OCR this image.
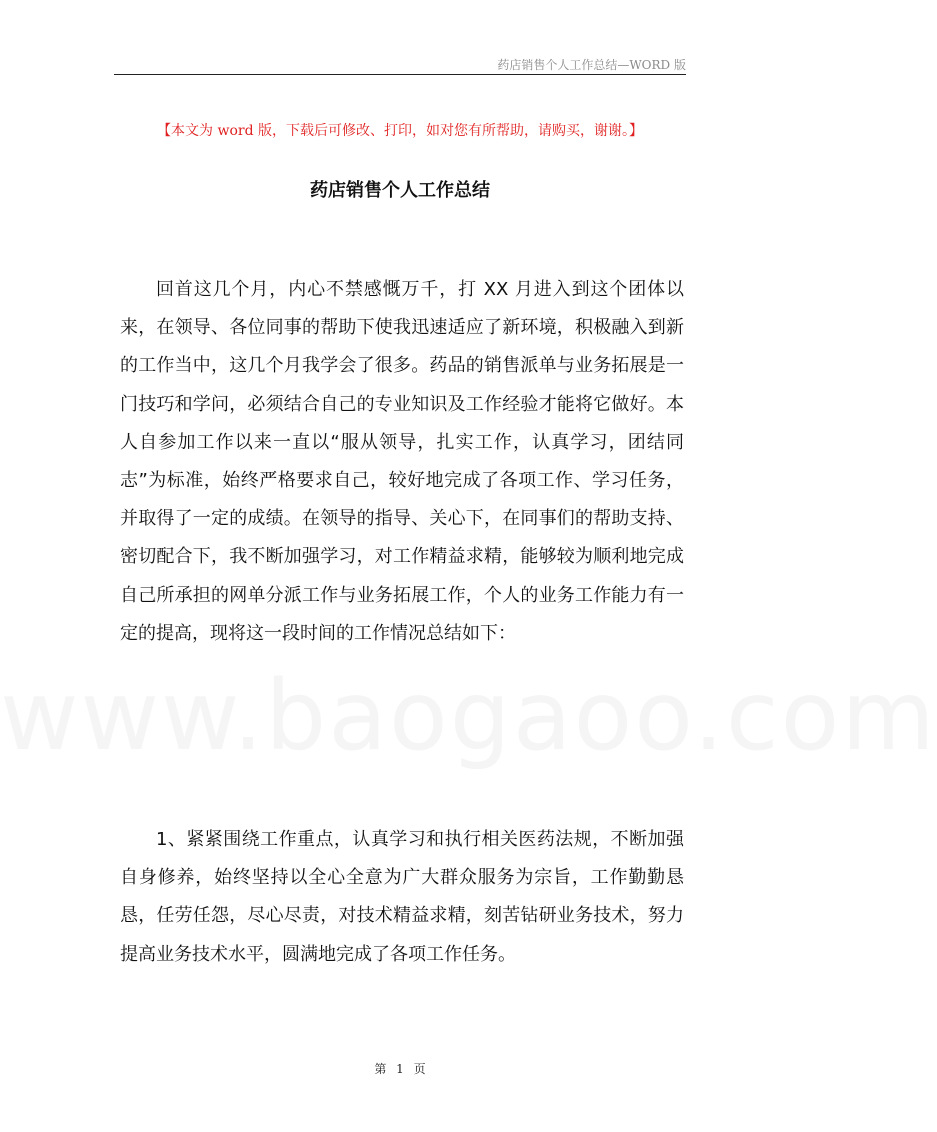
药店销售个人工作总结—WORD 版
【本文为 word 版，下载后可修改、打印，如对您有所帮助，请购买，谢谢。】
药店销售个人工作总结
www.baogaoo.com

回首这几个月，内心不禁感慨万千，打 XX 月进入到这个团体以来，在领导、各位同事的帮助下使我迅速适应了新环境，积极融入到新的工作当中，这几个月我学会了很多。药品的销售派单与业务拓展是一门技巧和学问，必须结合自己的专业知识及工作经验才能将它做好。本人自参加工作以来一直以“服从领导，扎实工作，认真学习，团结同志”为标准，始终严格要求自己，较好地完成了各项工作、学习任务，并取得了一定的成绩。在领导的指导、关心下，在同事们的帮助支持、密切配合下，我不断加强学习，对工作精益求精，能够较为顺利地完成自己所承担的网单分派工作与业务拓展工作，个人的业务工作能力有一定的提高，现将这一段时间的工作情况总结如下：

1、紧紧围绕工作重点，认真学习和执行相关医药法规，不断加强自身修养，始终坚持以全心全意为广大群众服务为宗旨，工作勤勤恳恳，任劳任怨，尽心尽责，对技术精益求精，刻苦钻研业务技术，努力提高业务技术水平，圆满地完成了各项工作任务。

第 1 页
